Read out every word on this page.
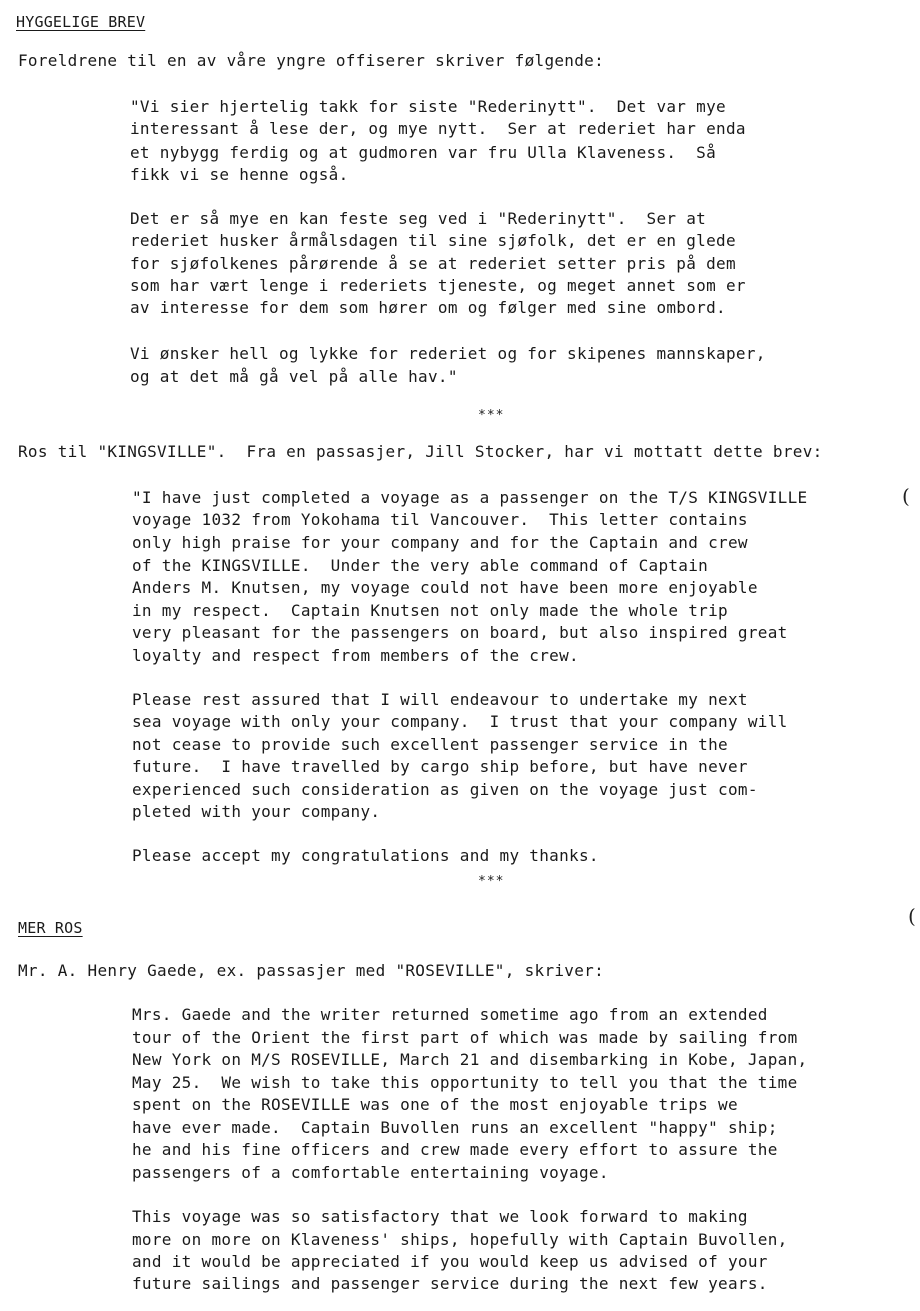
HYGGELIGE BREV
Foreldrene til en av våre yngre offiserer skriver følgende:
"Vi sier hjertelig takk for siste "Rederinytt".  Det var mye
interessant å lese der, og mye nytt.  Ser at rederiet har enda
et nybygg ferdig og at gudmoren var fru Ulla Klaveness.  Så
fikk vi se henne også.
Det er så mye en kan feste seg ved i "Rederinytt".  Ser at
rederiet husker årmålsdagen til sine sjøfolk, det er en glede
for sjøfolkenes pårørende å se at rederiet setter pris på dem
som har vært lenge i rederiets tjeneste, og meget annet som er
av interesse for dem som hører om og følger med sine ombord.
Vi ønsker hell og lykke for rederiet og for skipenes mannskaper,
og at det må gå vel på alle hav."
***
Ros til "KINGSVILLE".  Fra en passasjer, Jill Stocker, har vi mottatt dette brev:
"I have just completed a voyage as a passenger on the T/S KINGSVILLE
voyage 1032 from Yokohama til Vancouver.  This letter contains
only high praise for your company and for the Captain and crew
of the KINGSVILLE.  Under the very able command of Captain
Anders M. Knutsen, my voyage could not have been more enjoyable
in my respect.  Captain Knutsen not only made the whole trip
very pleasant for the passengers on board, but also inspired great
loyalty and respect from members of the crew.
Please rest assured that I will endeavour to undertake my next
sea voyage with only your company.  I trust that your company will
not cease to provide such excellent passenger service in the
future.  I have travelled by cargo ship before, but have never
experienced such consideration as given on the voyage just com-
pleted with your company.
Please accept my congratulations and my thanks.
***
MER ROS
Mr. A. Henry Gaede, ex. passasjer med "ROSEVILLE", skriver:
Mrs. Gaede and the writer returned sometime ago from an extended
tour of the Orient the first part of which was made by sailing from
New York on M/S ROSEVILLE, March 21 and disembarking in Kobe, Japan,
May 25.  We wish to take this opportunity to tell you that the time
spent on the ROSEVILLE was one of the most enjoyable trips we
have ever made.  Captain Buvollen runs an excellent "happy" ship;
he and his fine officers and crew made every effort to assure the
passengers of a comfortable entertaining voyage.
This voyage was so satisfactory that we look forward to making
more on more on Klaveness' ships, hopefully with Captain Buvollen,
and it would be appreciated if you would keep us advised of your
future sailings and passenger service during the next few years.
(
(
